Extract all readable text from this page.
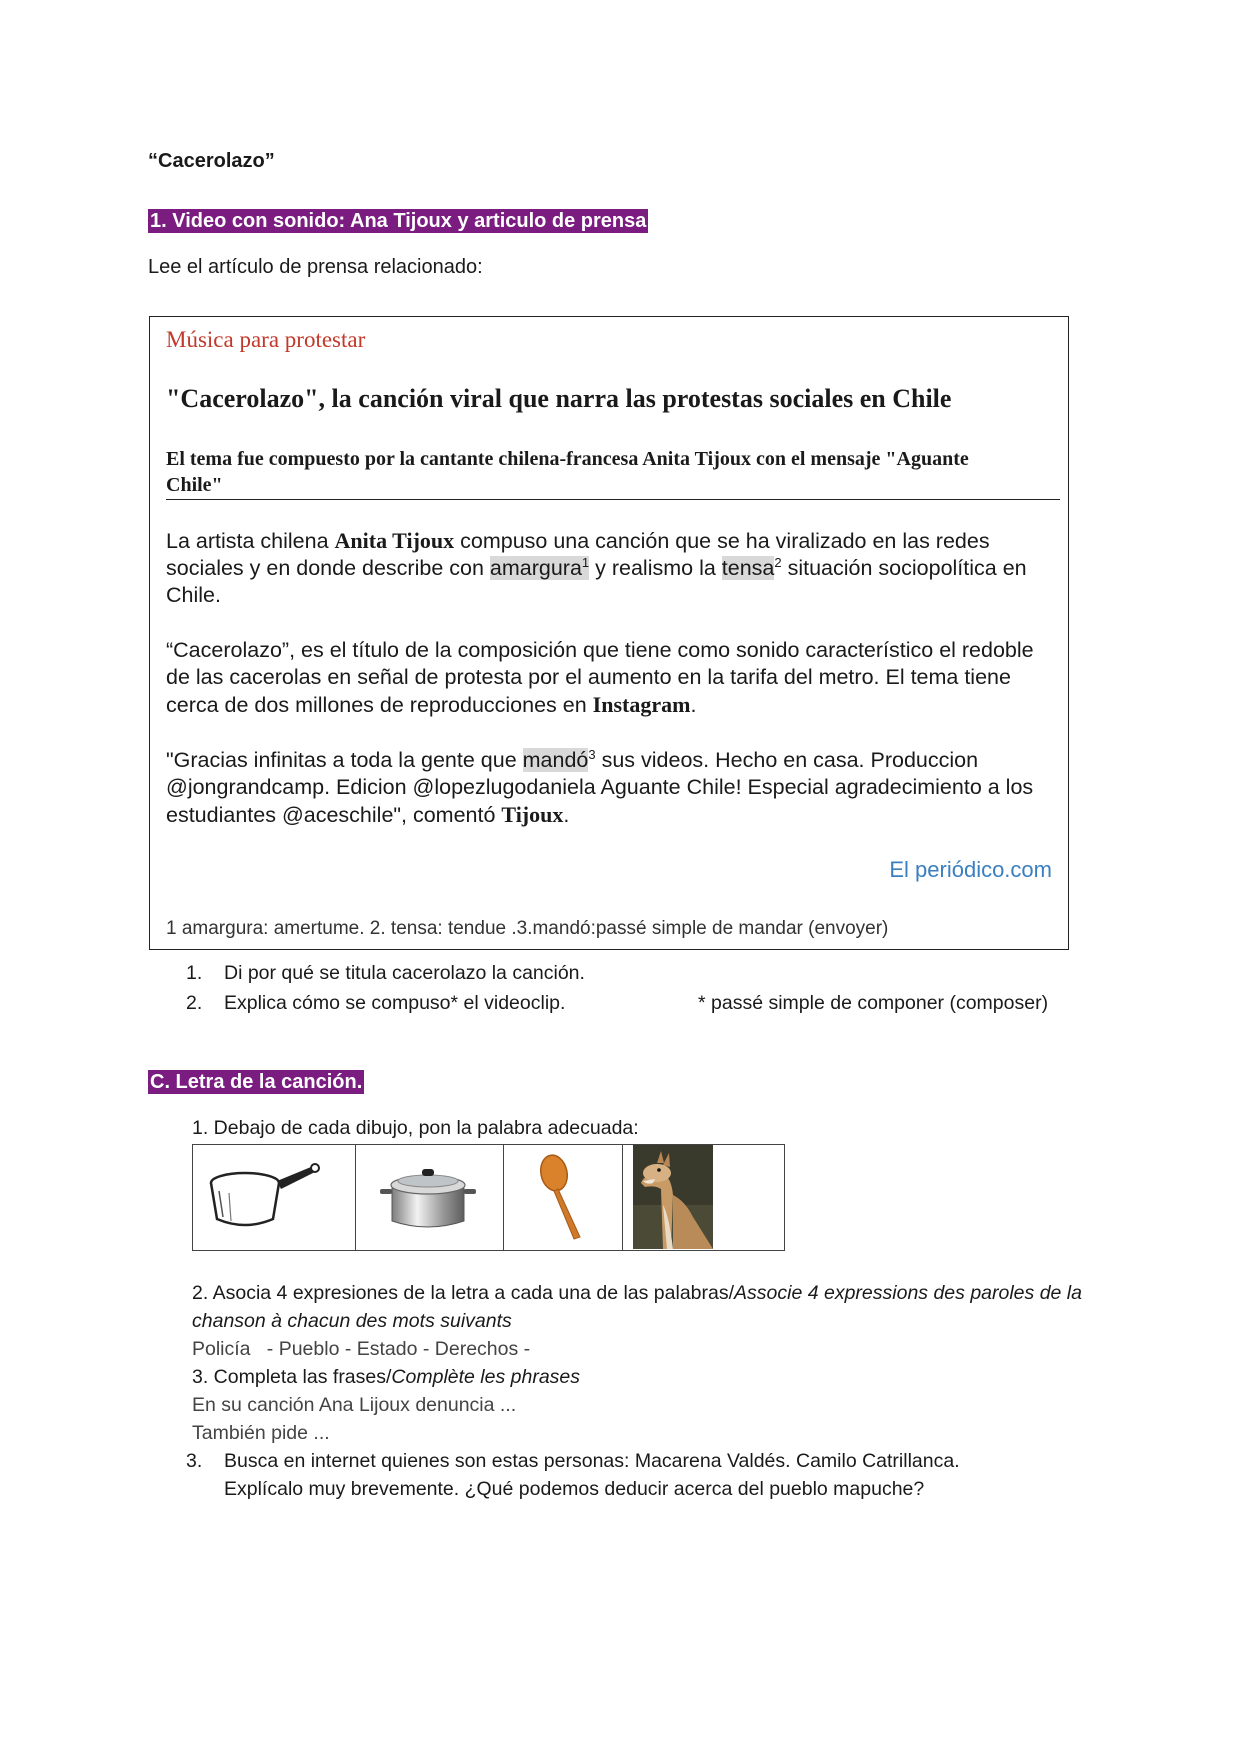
“Cacerolazo”
1. Video con sonido: Ana Tijoux y articulo de prensa
Lee el artículo de prensa relacionado:
Música para protestar
"Cacerolazo", la canción viral que narra las protestas sociales en Chile
El tema fue compuesto por la cantante chilena-francesa Anita Tijoux con el mensaje "Aguante Chile"
La artista chilena Anita Tijoux compuso una canción que se ha viralizado en las redes sociales y en donde describe con amargura$^1$ y realismo la tensa$^2$ situación sociopolítica en Chile.
“Cacerolazo”, es el título de la composición que tiene como sonido característico el redoble de las cacerolas en señal de protesta por el aumento en la tarifa del metro. El tema tiene cerca de dos millones de reproducciones en Instagram.
"Gracias infinitas a toda la gente que mandó$^3$ sus videos. Hecho en casa. Produccion @jongrandcamp. Edicion @lopezlugodaniela Aguante Chile! Especial agradecimiento a los estudiantes @aceschile", comentó Tijoux.
El periódico.com
1 amargura: amertume. 2. tensa: tendue .3.mandó:passé simple de mandar (envoyer)
1. Di por qué se titula cacerolazo la canción.
2. Explica cómo se compuso* el videoclip.	* passé simple de componer (composer)
C. Letra de la canción.
1. Debajo de cada dibujo, pon la palabra adecuada:
2. Asocia 4 expresiones de la letra a cada una de las palabras/Associe 4 expressions des paroles de la chanson à chacun des mots suivants
Policía   - Pueblo - Estado - Derechos -
3. Completa las frases/Complète les phrases
En su canción Ana Lijoux denuncia ...
También pide ...
3. Busca en internet quienes son estas personas: Macarena Valdés. Camilo Catrillanca.
Explícalo muy brevemente. ¿Qué podemos deducir acerca del pueblo mapuche?
